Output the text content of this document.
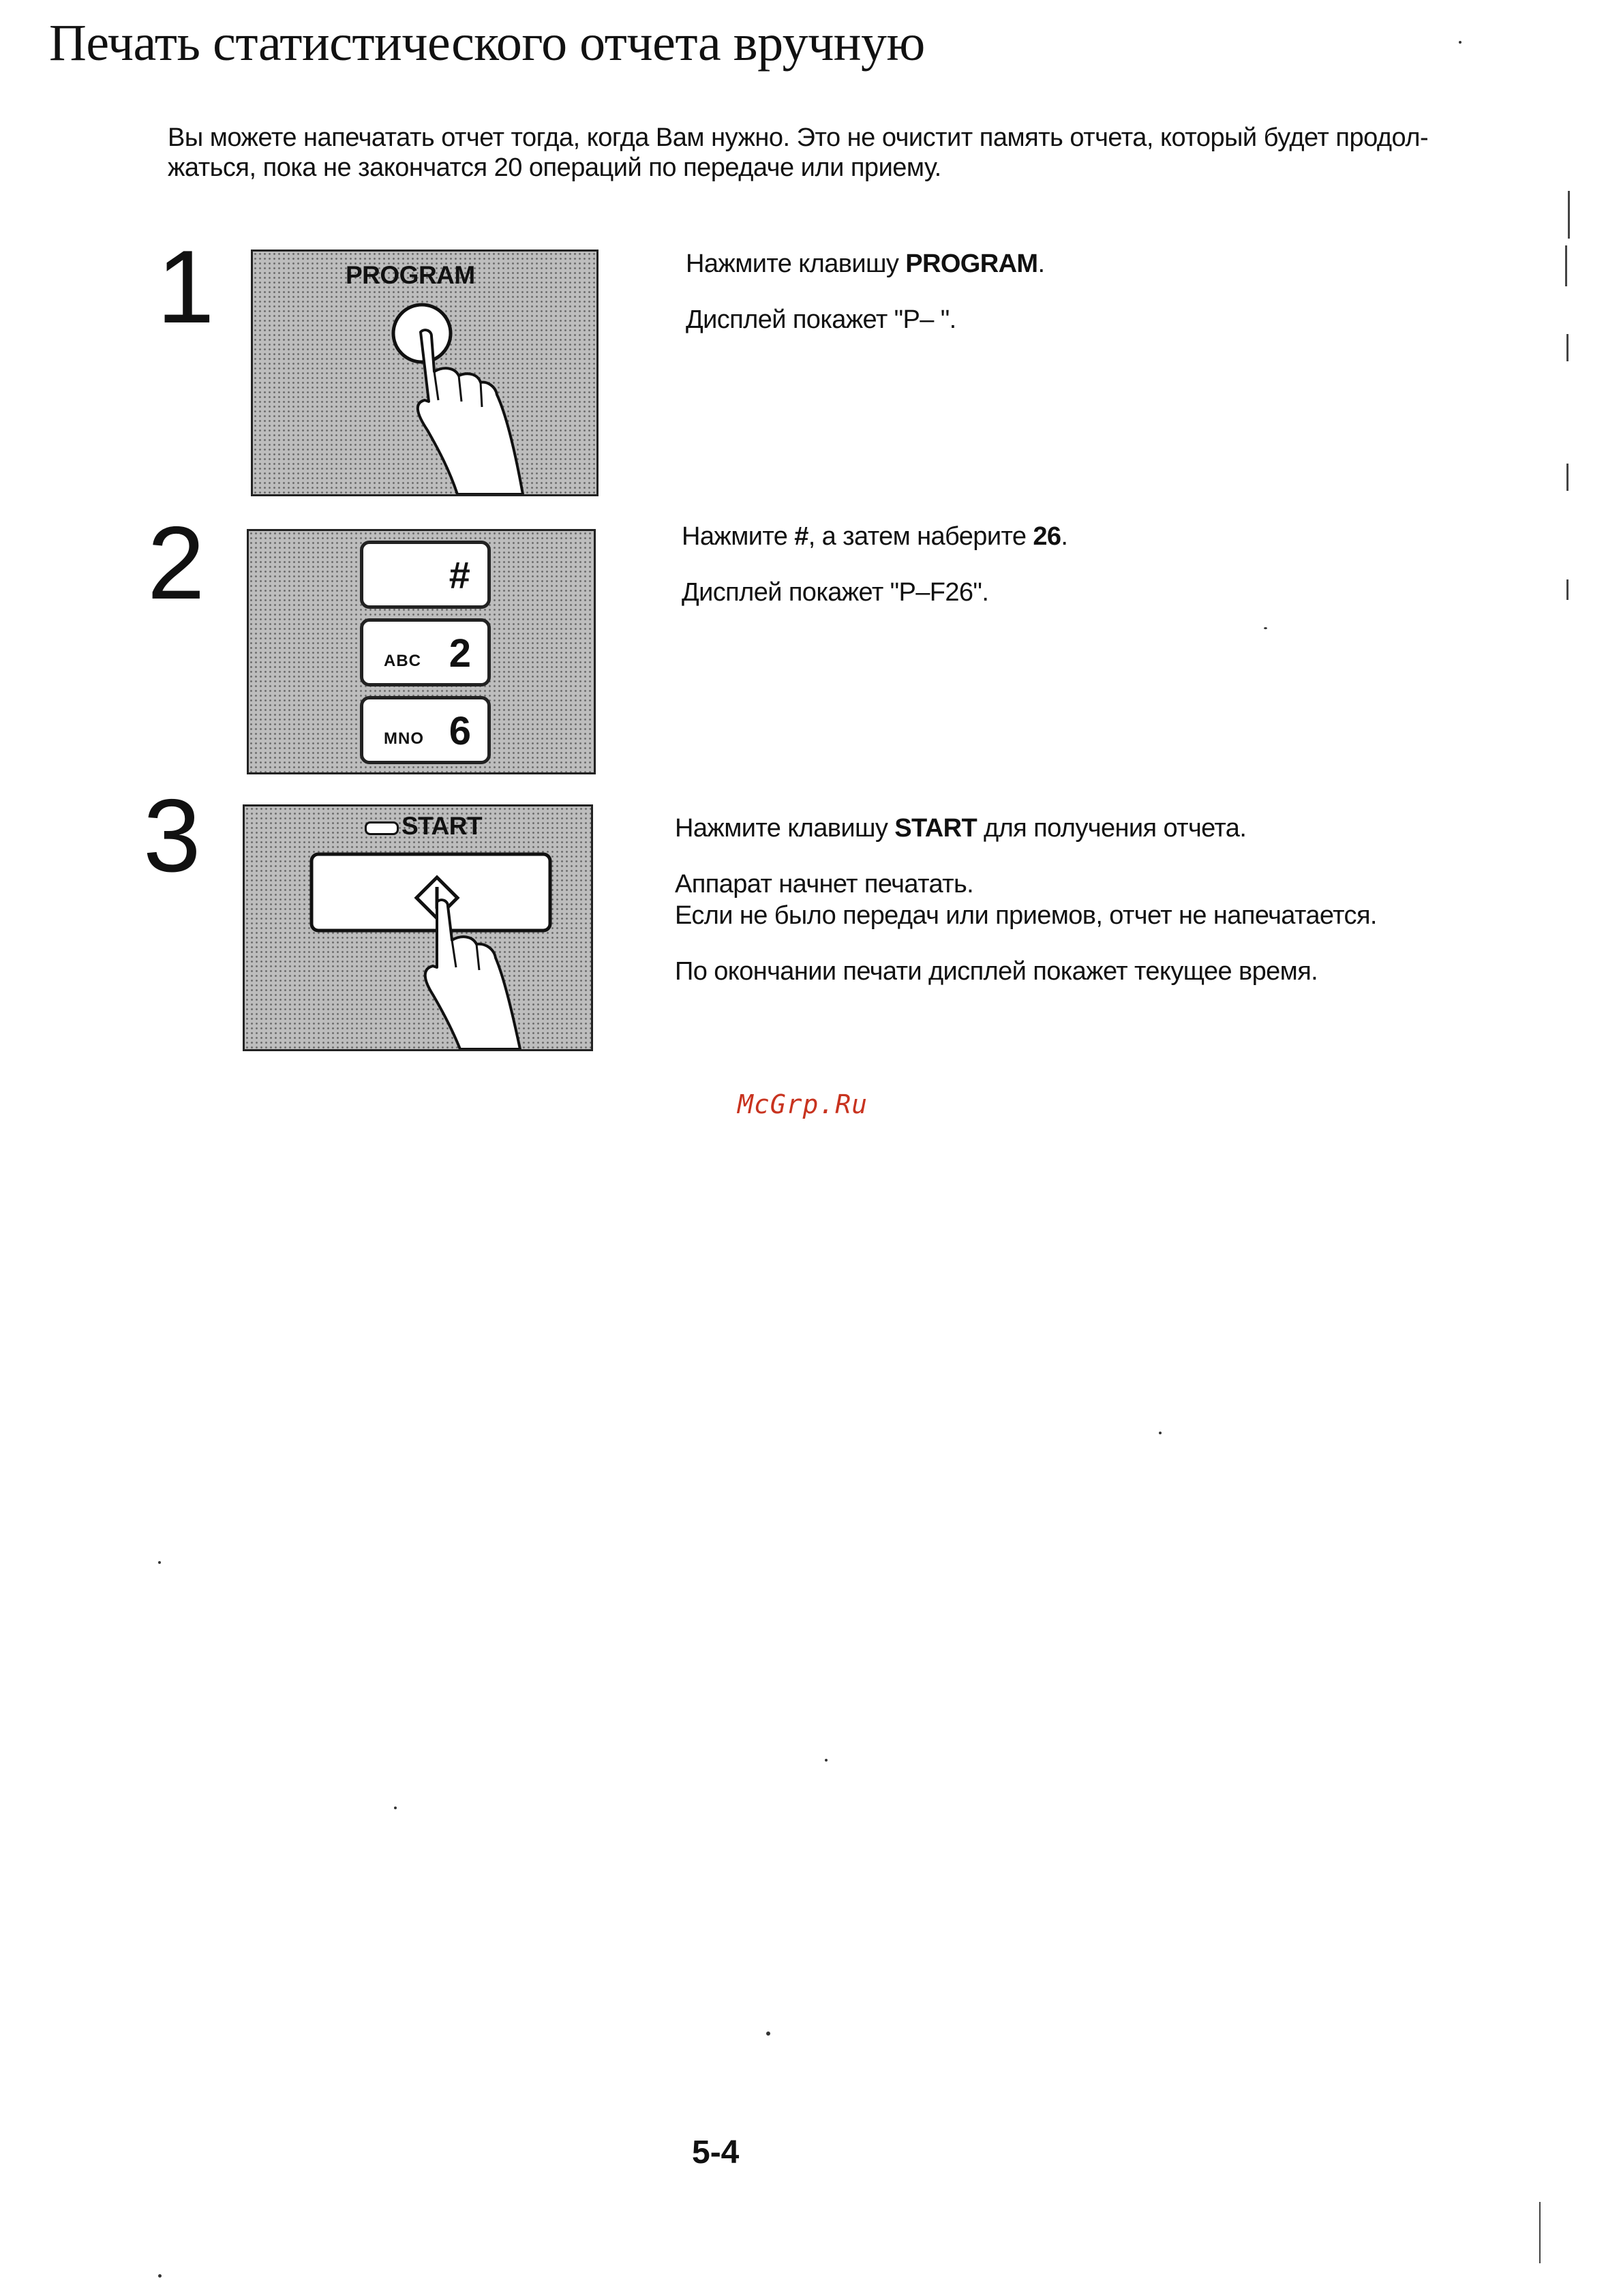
Печать статистического отчета вручную
Вы можете напечатать отчет тогда, когда Вам нужно. Это не очистит память отчета, который будет продол-
жаться, пока не закончатся 20 операций по передаче или приему.
1	PROGRAM	Нажмите клавишу PROGRAM.

Дисплей покажет "P– ".

2	#
ABC 2
MNO 6

Нажмите #, а затем наберите 26.

Дисплей покажет "P–F26".

3	START	Нажмите клавишу START для получения отчета.

Аппарат начнет печатать.
Если не было передач или приемов, отчет не напечатается.

По окончании печати дисплей покажет текущее время.

McGrp.Ru
5-4
